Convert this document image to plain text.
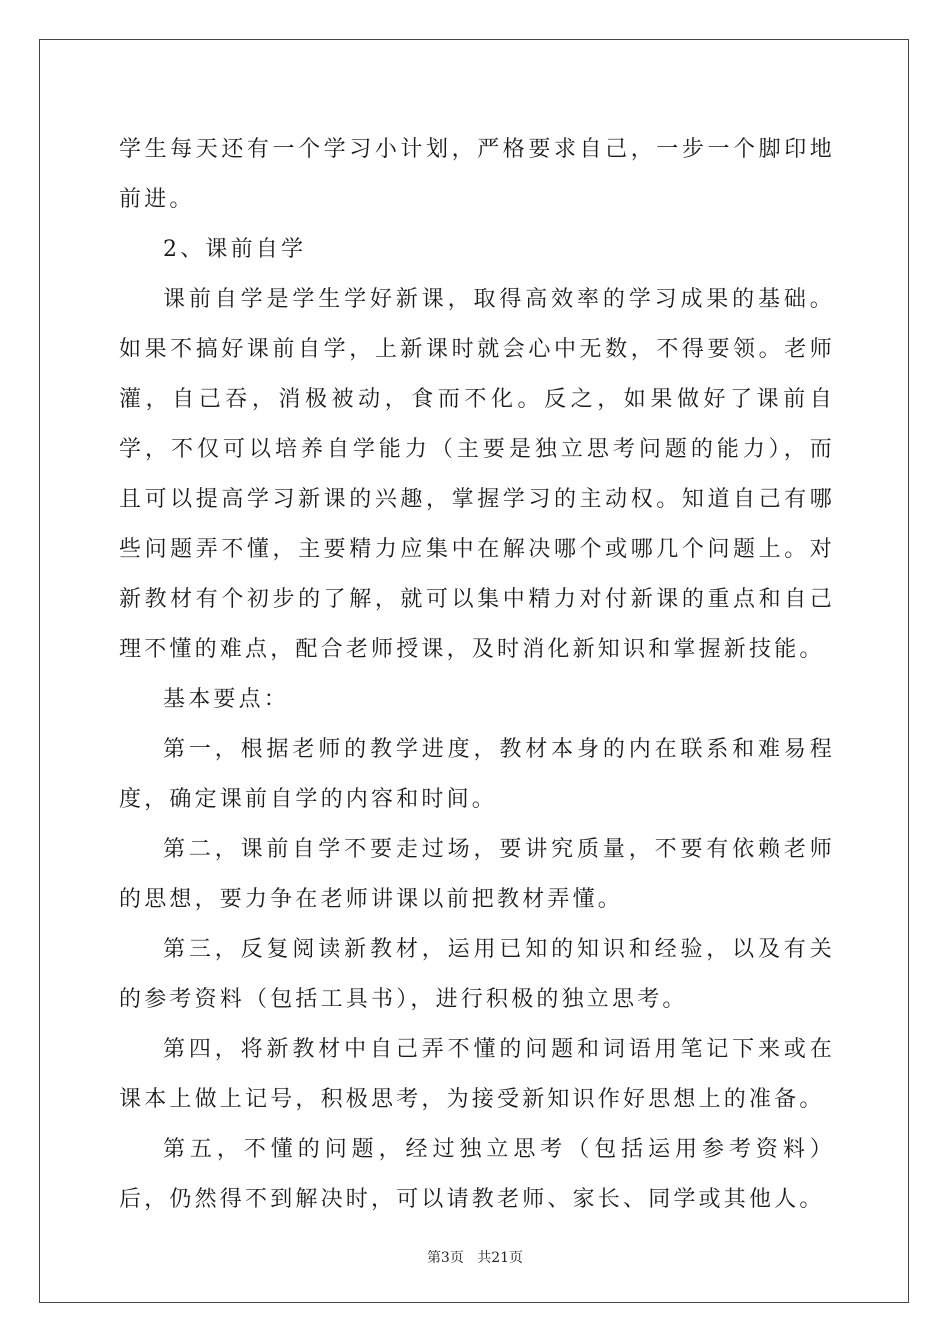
学生每天还有一个学习小计划，严格要求自己，一步一个脚印地前进。

2、课前自学

课前自学是学生学好新课，取得高效率的学习成果的基础。如果不搞好课前自学，上新课时就会心中无数，不得要领。老师灌，自己吞，消极被动，食而不化。反之，如果做好了课前自学，不仅可以培养自学能力（主要是独立思考问题的能力），而且可以提高学习新课的兴趣，掌握学习的主动权。知道自己有哪些问题弄不懂，主要精力应集中在解决哪个或哪几个问题上。对新教材有个初步的了解，就可以集中精力对付新课的重点和自己理不懂的难点，配合老师授课，及时消化新知识和掌握新技能。

基本要点：

第一，根据老师的教学进度，教材本身的内在联系和难易程度，确定课前自学的内容和时间。

第二，课前自学不要走过场，要讲究质量，不要有依赖老师的思想，要力争在老师讲课以前把教材弄懂。

第三，反复阅读新教材，运用已知的知识和经验，以及有关的参考资料（包括工具书），进行积极的独立思考。

第四，将新教材中自己弄不懂的问题和词语用笔记下来或在课本上做上记号，积极思考，为接受新知识作好思想上的准备。

第五，不懂的问题，经过独立思考（包括运用参考资料）后，仍然得不到解决时，可以请教老师、家长、同学或其他人。

第3页 共21页
